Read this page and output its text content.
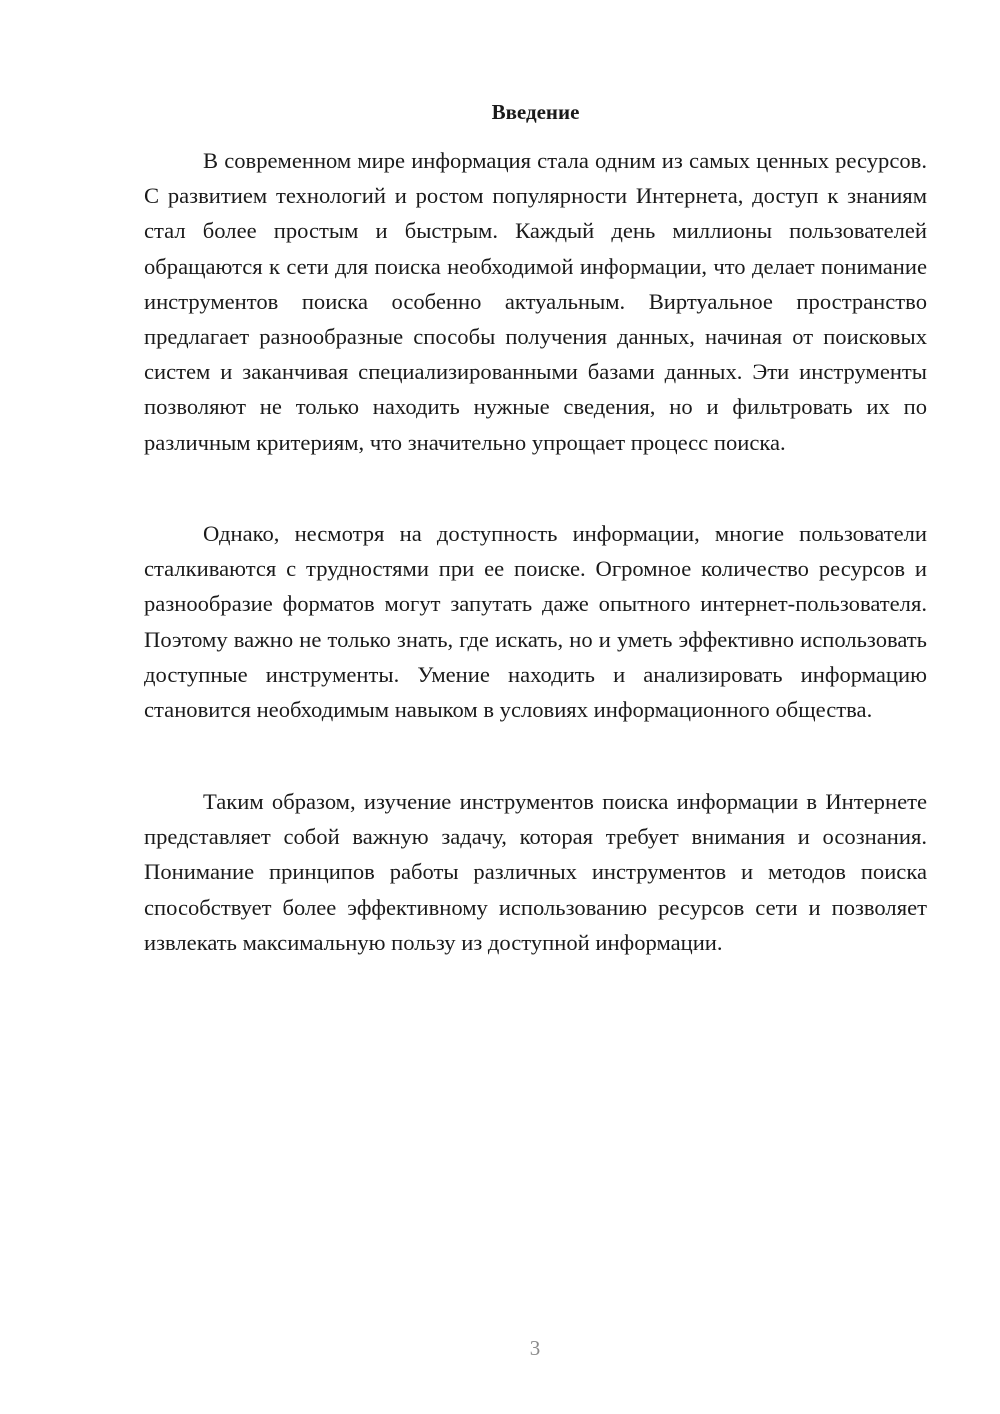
Введение

В современном мире информация стала одним из самых ценных ресурсов. С развитием технологий и ростом популярности Интернета, доступ к знаниям стал более простым и быстрым. Каждый день миллионы пользователей обращаются к сети для поиска необходимой информации, что делает понимание инструментов поиска особенно актуальным. Виртуальное пространство предлагает разнообразные способы получения данных, начиная от поисковых систем и заканчивая специализированными базами данных. Эти инструменты позволяют не только находить нужные сведения, но и фильтровать их по различным критериям, что значительно упрощает процесс поиска.

Однако, несмотря на доступность информации, многие пользователи сталкиваются с трудностями при ее поиске. Огромное количество ресурсов и разнообразие форматов могут запутать даже опытного интернет-пользователя. Поэтому важно не только знать, где искать, но и уметь эффективно использовать доступные инструменты. Умение находить и анализировать информацию становится необходимым навыком в условиях информационного общества.

Таким образом, изучение инструментов поиска информации в Интернете представляет собой важную задачу, которая требует внимания и осознания. Понимание принципов работы различных инструментов и методов поиска способствует более эффективному использованию ресурсов сети и позволяет извлекать максимальную пользу из доступной информации.

3
